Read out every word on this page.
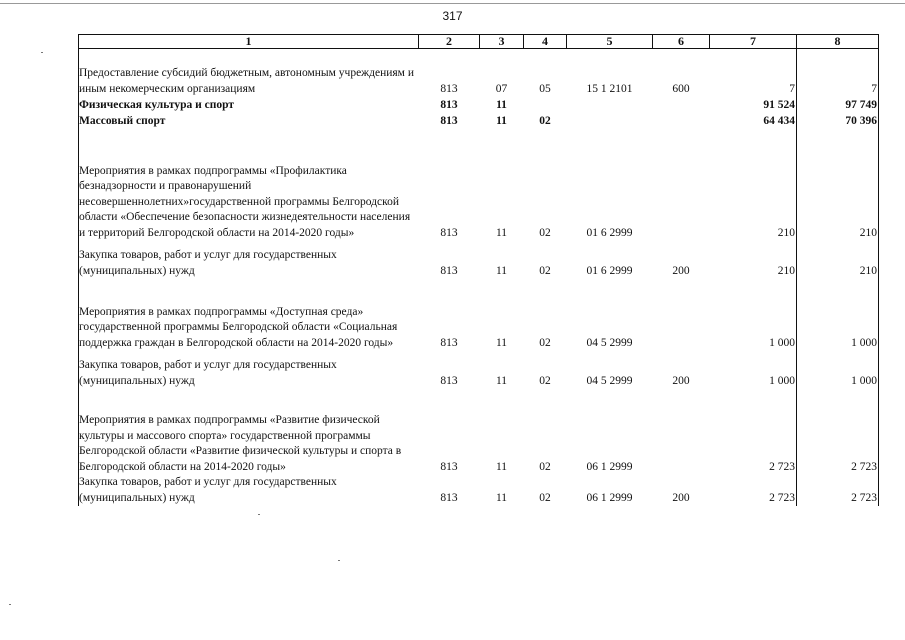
317
1	2	3	4	5	6	7	8
Предоставление субсидий бюджетным, автономным учреждениям и иным некомерческим организациям	813	07	05	15 1 2101	600	7	7
Физическая культура и спорт	813	11				91 524	97 749
Массовый спорт	813	11	02			64 434	70 396
Мероприятия в рамках подпрограммы «Профилактика безнадзорности и правонарушений несовершеннолетних»государственной программы Белгородской области «Обеспечение безопасности жизнедеятельности населения и территорий Белгородской области на 2014-2020 годы»	813	11	02	01 6 2999		210	210
Закупка товаров, работ и услуг для государственных (муниципальных) нужд	813	11	02	01 6 2999	200	210	210
Мероприятия в рамках подпрограммы «Доступная среда» государственной программы Белгородской области «Социальная поддержка граждан в Белгородской области на 2014-2020 годы»	813	11	02	04 5 2999		1 000	1 000
Закупка товаров, работ и услуг для государственных (муниципальных) нужд	813	11	02	04 5 2999	200	1 000	1 000
Мероприятия в рамках подпрограммы «Развитие физической культуры и массового спорта» государственной программы Белгородской области «Развитие физической культуры и спорта в Белгородской области на 2014-2020 годы»	813	11	02	06 1 2999		2 723	2 723
Закупка товаров, работ и услуг для государственных (муниципальных) нужд	813	11	02	06 1 2999	200	2 723	2 723
